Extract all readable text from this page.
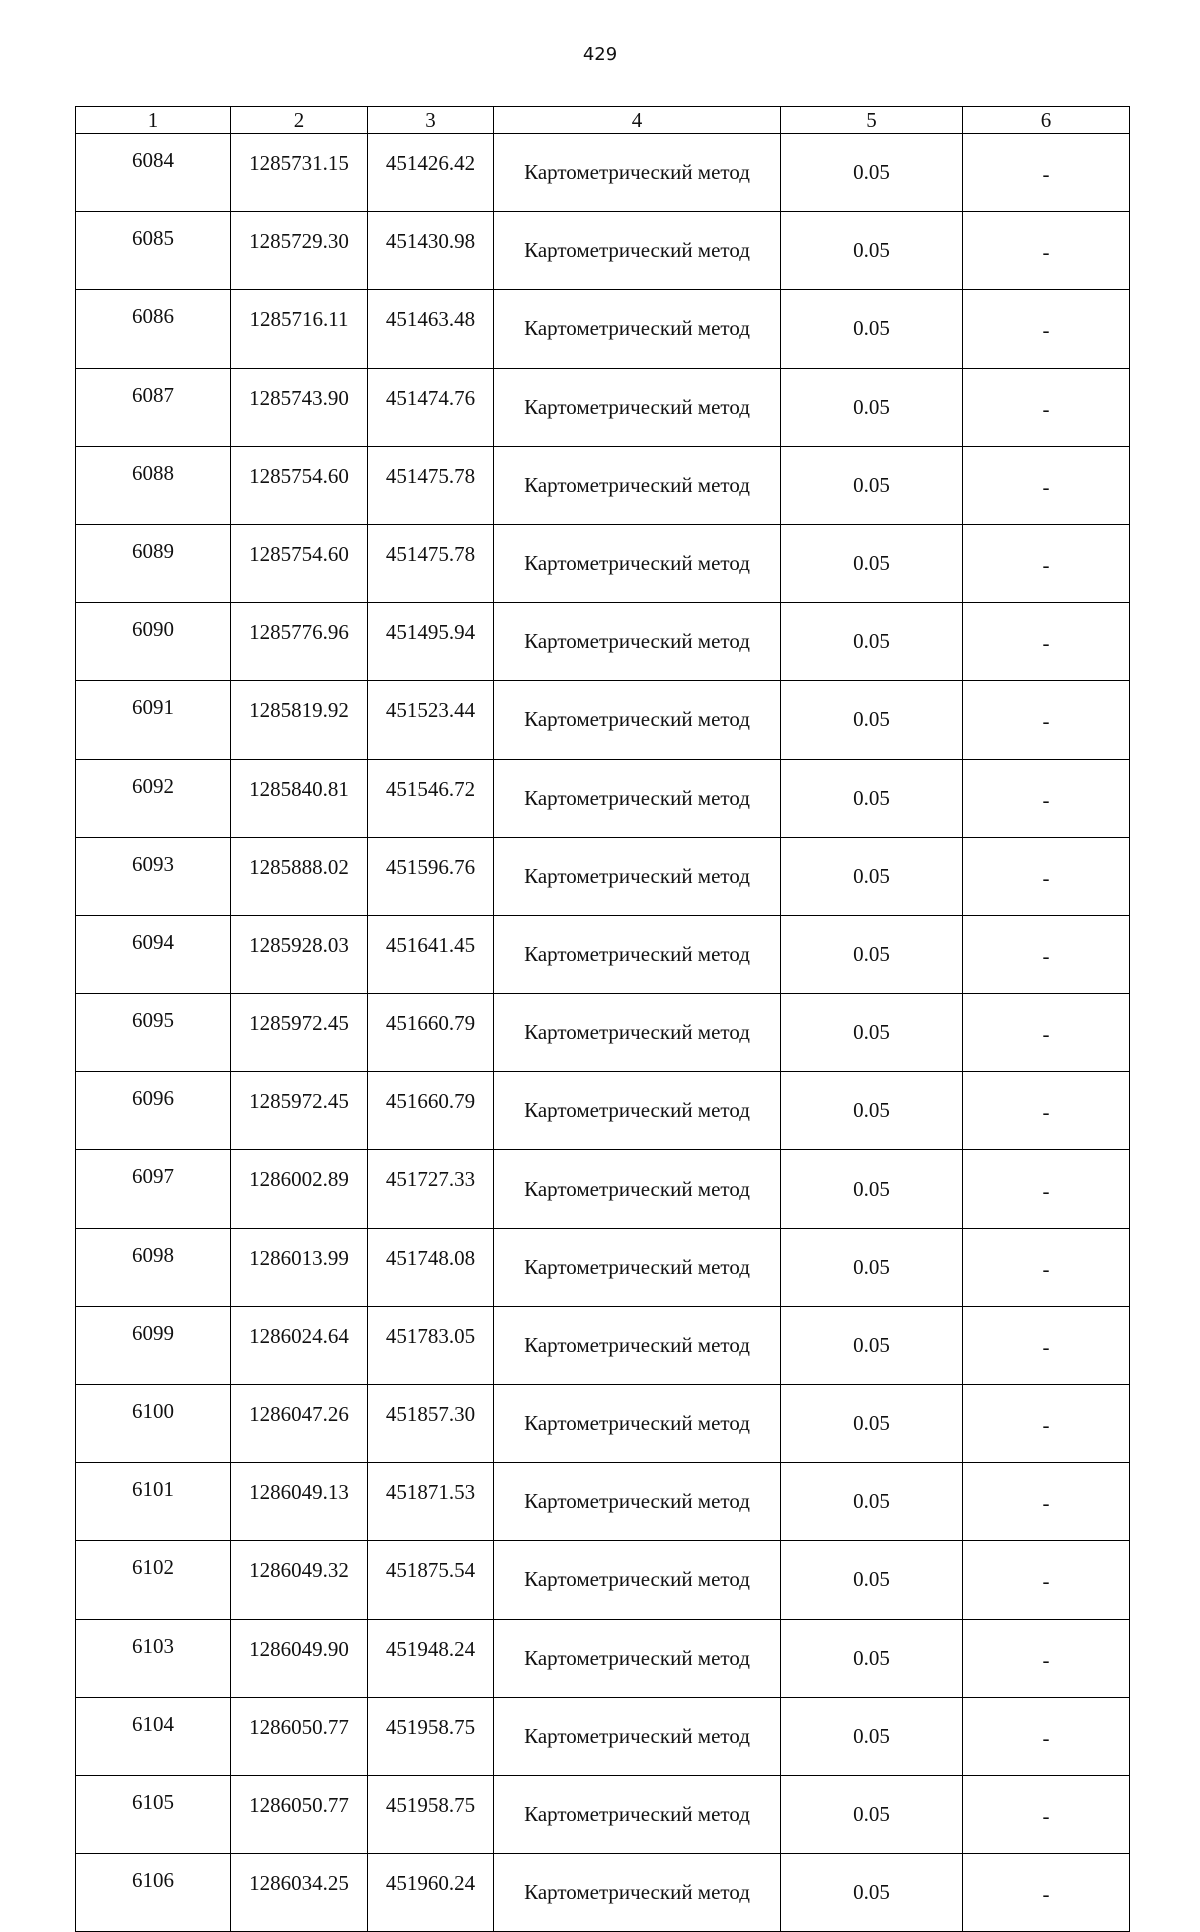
429
1	2	3	4	5	6
6084	1285731.15	451426.42	Картометрический метод	0.05	-
6085	1285729.30	451430.98	Картометрический метод	0.05	-
6086	1285716.11	451463.48	Картометрический метод	0.05	-
6087	1285743.90	451474.76	Картометрический метод	0.05	-
6088	1285754.60	451475.78	Картометрический метод	0.05	-
6089	1285754.60	451475.78	Картометрический метод	0.05	-
6090	1285776.96	451495.94	Картометрический метод	0.05	-
6091	1285819.92	451523.44	Картометрический метод	0.05	-
6092	1285840.81	451546.72	Картометрический метод	0.05	-
6093	1285888.02	451596.76	Картометрический метод	0.05	-
6094	1285928.03	451641.45	Картометрический метод	0.05	-
6095	1285972.45	451660.79	Картометрический метод	0.05	-
6096	1285972.45	451660.79	Картометрический метод	0.05	-
6097	1286002.89	451727.33	Картометрический метод	0.05	-
6098	1286013.99	451748.08	Картометрический метод	0.05	-
6099	1286024.64	451783.05	Картометрический метод	0.05	-
6100	1286047.26	451857.30	Картометрический метод	0.05	-
6101	1286049.13	451871.53	Картометрический метод	0.05	-
6102	1286049.32	451875.54	Картометрический метод	0.05	-
6103	1286049.90	451948.24	Картометрический метод	0.05	-
6104	1286050.77	451958.75	Картометрический метод	0.05	-
6105	1286050.77	451958.75	Картометрический метод	0.05	-
6106	1286034.25	451960.24	Картометрический метод	0.05	-
